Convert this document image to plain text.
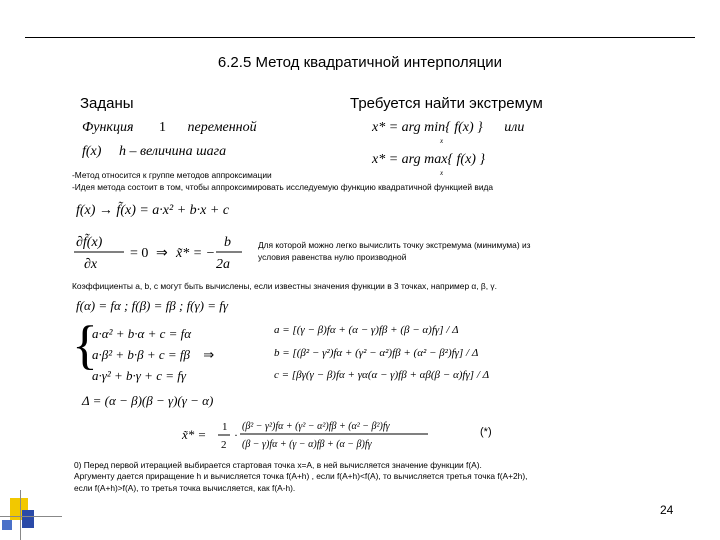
6.2.5 Метод квадратичной интерполяции
Заданы	Требуется найти экстремум
Функция 1 переменной
f(x) h – величина шага
x* = arg min{ f(x) } или
x
x* = arg max{ f(x) }
x
-Метод относится к группе методов аппроксимации
-Идея метода состоит в том, чтобы аппроксимировать исследуемую функцию квадратичной функцией вида
f(x) → f̃(x) = a·x² + b·x + c
∂f̃(x)
∂x
= 0 ⇒ x̃* = −
b
2a
Для которой можно легко вычислить точку экстремума (минимума) из
условия равенства нулю производной
Коэффициенты a, b, c могут быть вычислены, если известны значения функции в 3 точках, например α, β, γ.
f(α) = fα ; f(β) = fβ ; f(γ) = fγ
{
a·α² + b·α + c = fα
a·β² + b·β + c = fβ ⇒
a·γ² + b·γ + c = fγ
a = [(γ − β)fα + (α − γ)fβ + (β − α)fγ] / Δ
b = [(β² − γ²)fα + (γ² − α²)fβ + (α² − β²)fγ] / Δ
c = [βγ(γ − β)fα + γα(α − γ)fβ + αβ(β − α)fγ] / Δ
Δ = (α − β)(β − γ)(γ − α)
x̃* = 1
2
·
(β² − γ²)fα + (γ² − α²)fβ + (α² − β²)fγ
(β − γ)fα + (γ − α)fβ + (α − β)fγ
(*)
0) Перед первой итерацией выбирается стартовая точка x=A, в ней вычисляется значение функции f(A).
Аргументу дается приращение h и вычисляется точка f(A+h) , если f(A+h)<f(A), то вычисляется третья точка f(A+2h),
если f(A+h)>f(A), то третья точка вычисляется, как f(A-h).
24
